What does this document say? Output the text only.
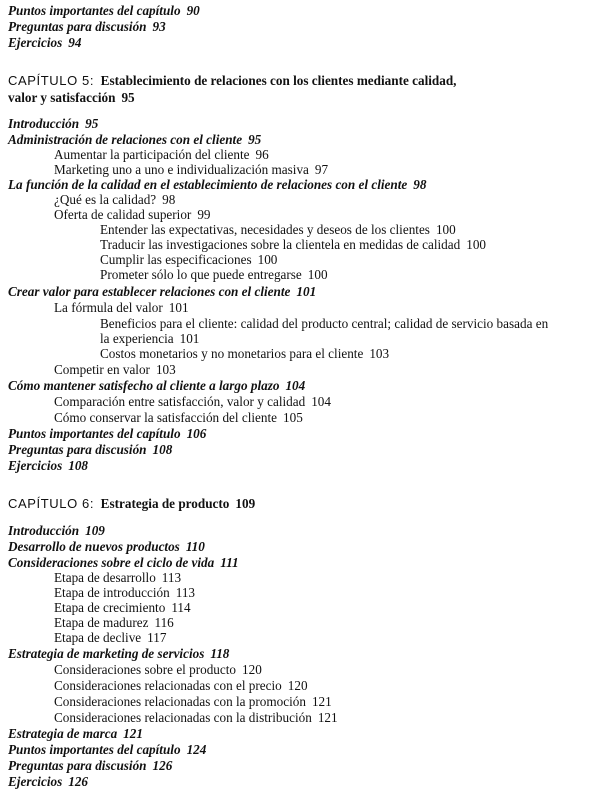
Puntos importantes del capítulo 90
Preguntas para discusión 93
Ejercicios 94
CAPÍTULO 5: Establecimiento de relaciones con los clientes mediante calidad,
valor y satisfacción 95
Introducción 95
Administración de relaciones con el cliente 95
Aumentar la participación del cliente 96
Marketing uno a uno e individualización masiva 97
La función de la calidad en el establecimiento de relaciones con el cliente 98
¿Qué es la calidad? 98
Oferta de calidad superior 99
Entender las expectativas, necesidades y deseos de los clientes 100
Traducir las investigaciones sobre la clientela en medidas de calidad 100
Cumplir las especificaciones 100
Prometer sólo lo que puede entregarse 100
Crear valor para establecer relaciones con el cliente 101
La fórmula del valor 101
Beneficios para el cliente: calidad del producto central; calidad de servicio basada en
la experiencia 101
Costos monetarios y no monetarios para el cliente 103
Competir en valor 103
Cómo mantener satisfecho al cliente a largo plazo 104
Comparación entre satisfacción, valor y calidad 104
Cómo conservar la satisfacción del cliente 105
Puntos importantes del capítulo 106
Preguntas para discusión 108
Ejercicios 108
CAPÍTULO 6: Estrategia de producto 109
Introducción 109
Desarrollo de nuevos productos 110
Consideraciones sobre el ciclo de vida 111
Etapa de desarrollo 113
Etapa de introducción 113
Etapa de crecimiento 114
Etapa de madurez 116
Etapa de declive 117
Estrategia de marketing de servicios 118
Consideraciones sobre el producto 120
Consideraciones relacionadas con el precio 120
Consideraciones relacionadas con la promoción 121
Consideraciones relacionadas con la distribución 121
Estrategia de marca 121
Puntos importantes del capítulo 124
Preguntas para discusión 126
Ejercicios 126
